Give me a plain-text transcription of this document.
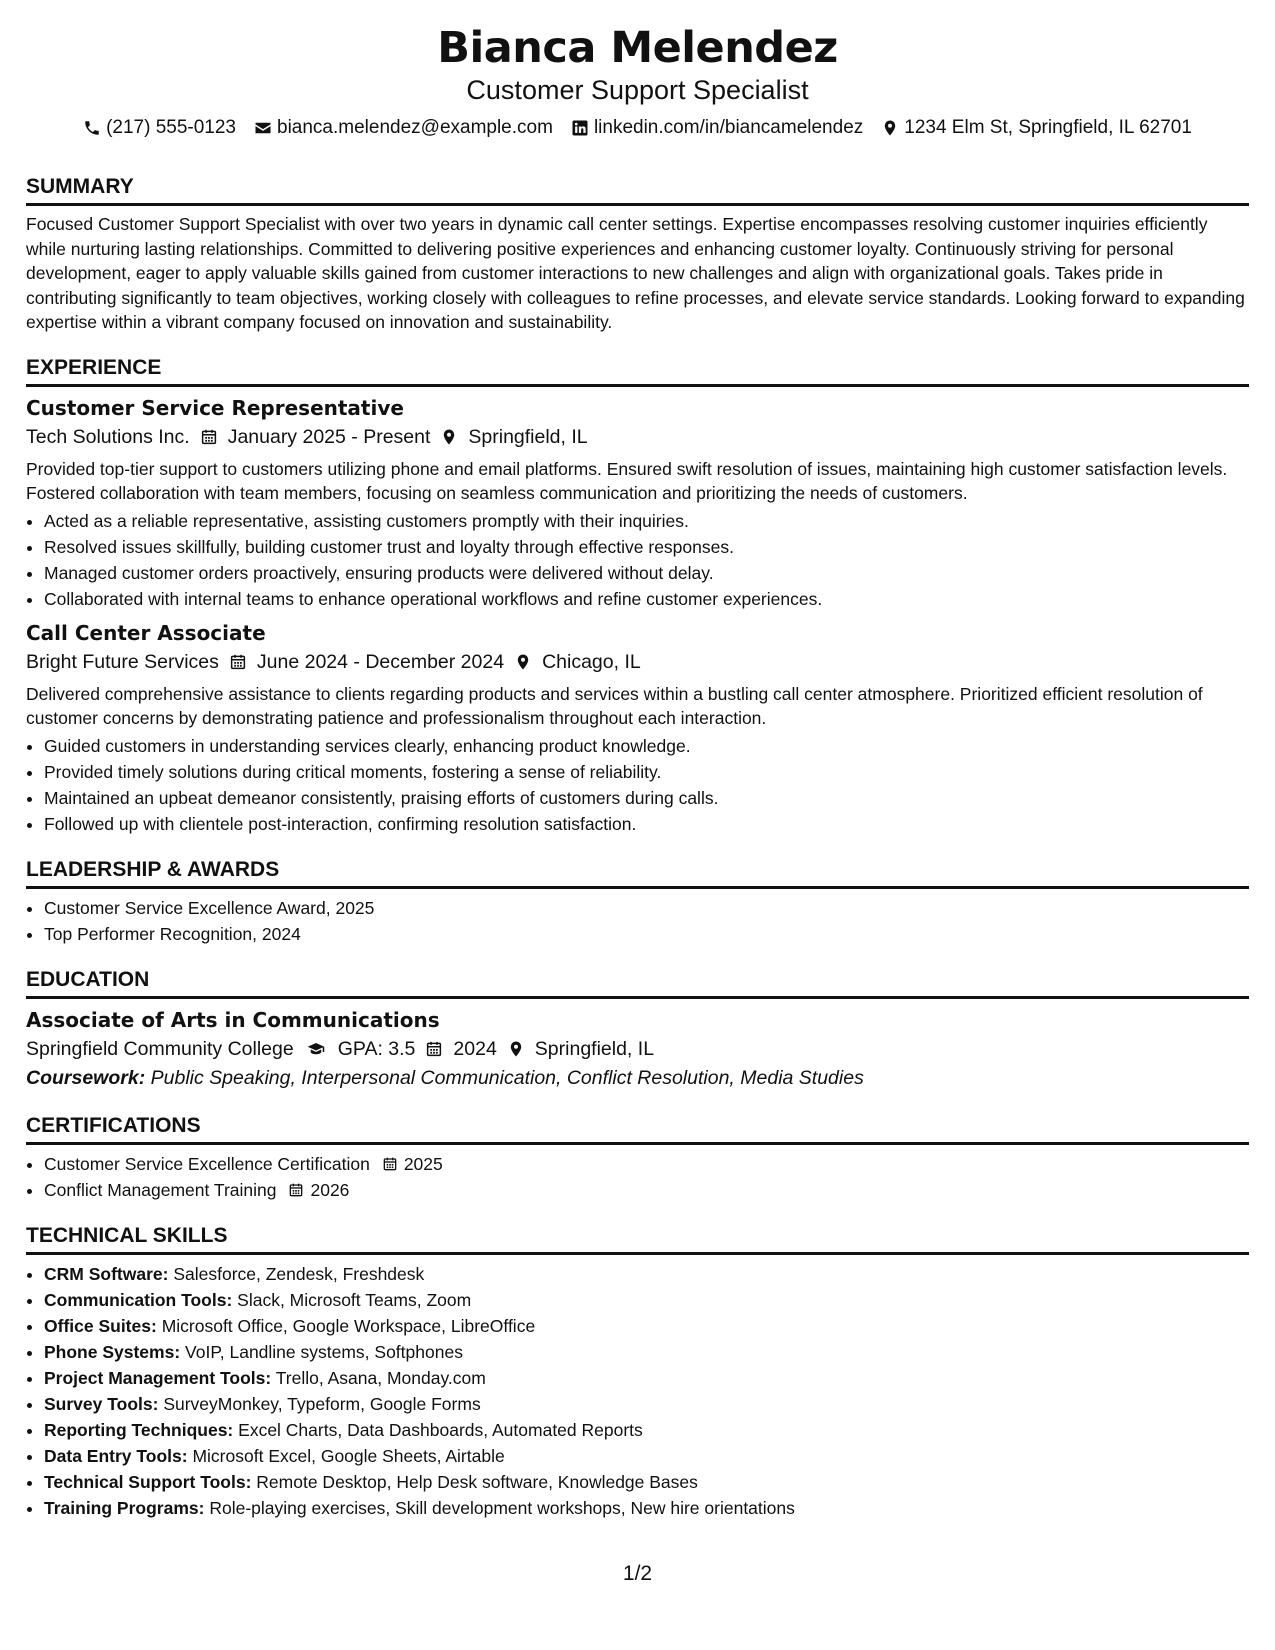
Bianca Melendez

Customer Support Specialist

(217) 555-0123 bianca.melendez@example.com linkedin.com/in/biancamelendez 1234 Elm St, Springfield, IL 62701
SUMMARY
Focused Customer Support Specialist with over two years in dynamic call center settings. Expertise encompasses resolving customer inquiries efficiently while nurturing lasting relationships. Committed to delivering positive experiences and enhancing customer loyalty. Continuously striving for personal development, eager to apply valuable skills gained from customer interactions to new challenges and align with organizational goals. Takes pride in contributing significantly to team objectives, working closely with colleagues to refine processes, and elevate service standards. Looking forward to expanding expertise within a vibrant company focused on innovation and sustainability.
EXPERIENCE
Customer Service Representative
Tech Solutions Inc. January 2025 - Present Springfield, IL
Provided top-tier support to customers utilizing phone and email platforms. Ensured swift resolution of issues, maintaining high customer satisfaction levels. Fostered collaboration with team members, focusing on seamless communication and prioritizing the needs of customers.
• Acted as a reliable representative, assisting customers promptly with their inquiries.
• Resolved issues skillfully, building customer trust and loyalty through effective responses.
• Managed customer orders proactively, ensuring products were delivered without delay.
• Collaborated with internal teams to enhance operational workflows and refine customer experiences.
Call Center Associate
Bright Future Services June 2024 - December 2024 Chicago, IL
Delivered comprehensive assistance to clients regarding products and services within a bustling call center atmosphere. Prioritized efficient resolution of customer concerns by demonstrating patience and professionalism throughout each interaction.
• Guided customers in understanding services clearly, enhancing product knowledge.
• Provided timely solutions during critical moments, fostering a sense of reliability.
• Maintained an upbeat demeanor consistently, praising efforts of customers during calls.
• Followed up with clientele post-interaction, confirming resolution satisfaction.
LEADERSHIP & AWARDS
• Customer Service Excellence Award, 2025
• Top Performer Recognition, 2024
EDUCATION
Associate of Arts in Communications
Springfield Community College GPA: 3.5 2024 Springfield, IL
Coursework: Public Speaking, Interpersonal Communication, Conflict Resolution, Media Studies
CERTIFICATIONS
• Customer Service Excellence Certification 2025
• Conflict Management Training 2026
TECHNICAL SKILLS
• CRM Software: Salesforce, Zendesk, Freshdesk
• Communication Tools: Slack, Microsoft Teams, Zoom
• Office Suites: Microsoft Office, Google Workspace, LibreOffice
• Phone Systems: VoIP, Landline systems, Softphones
• Project Management Tools: Trello, Asana, Monday.com
• Survey Tools: SurveyMonkey, Typeform, Google Forms
• Reporting Techniques: Excel Charts, Data Dashboards, Automated Reports
• Data Entry Tools: Microsoft Excel, Google Sheets, Airtable
• Technical Support Tools: Remote Desktop, Help Desk software, Knowledge Bases
• Training Programs: Role-playing exercises, Skill development workshops, New hire orientations
1/2
